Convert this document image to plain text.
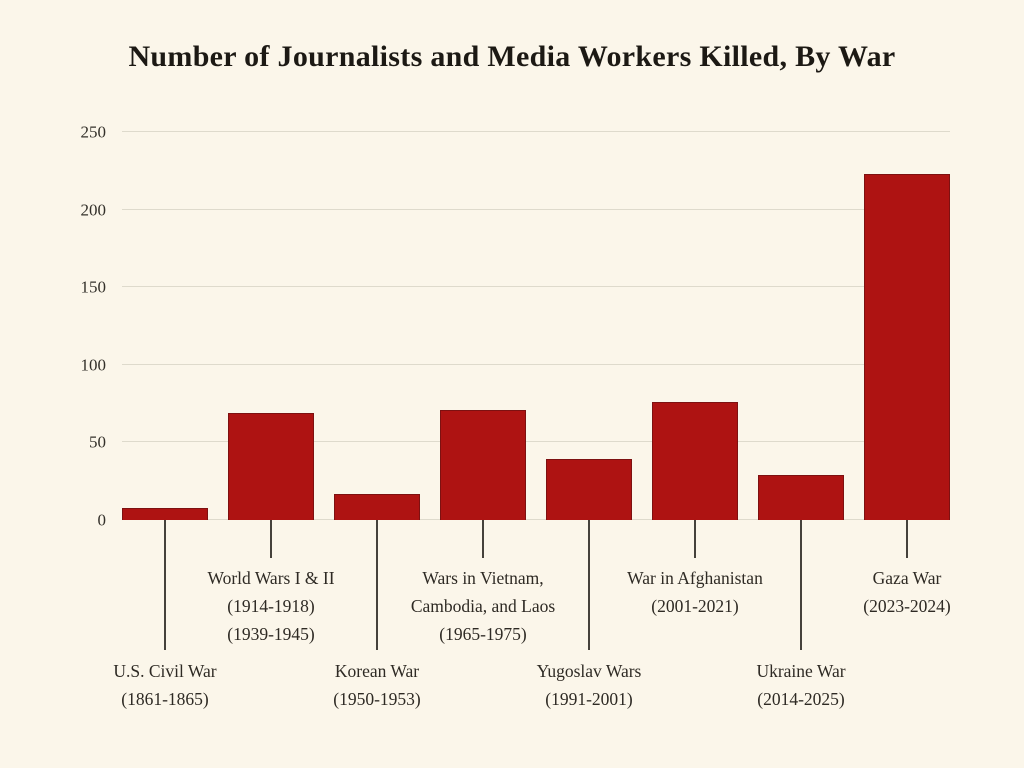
Number of Journalists and Media Workers Killed, By War
0
50
100
150
200
250
U.S. Civil War
(1861-1865)
World Wars I & II
(1914-1918)
(1939-1945)
Korean War
(1950-1953)
Wars in Vietnam,
Cambodia, and Laos
(1965-1975)
Yugoslav Wars
(1991-2001)
War in Afghanistan
(2001-2021)
Ukraine War
(2014-2025)
Gaza War
(2023-2024)
